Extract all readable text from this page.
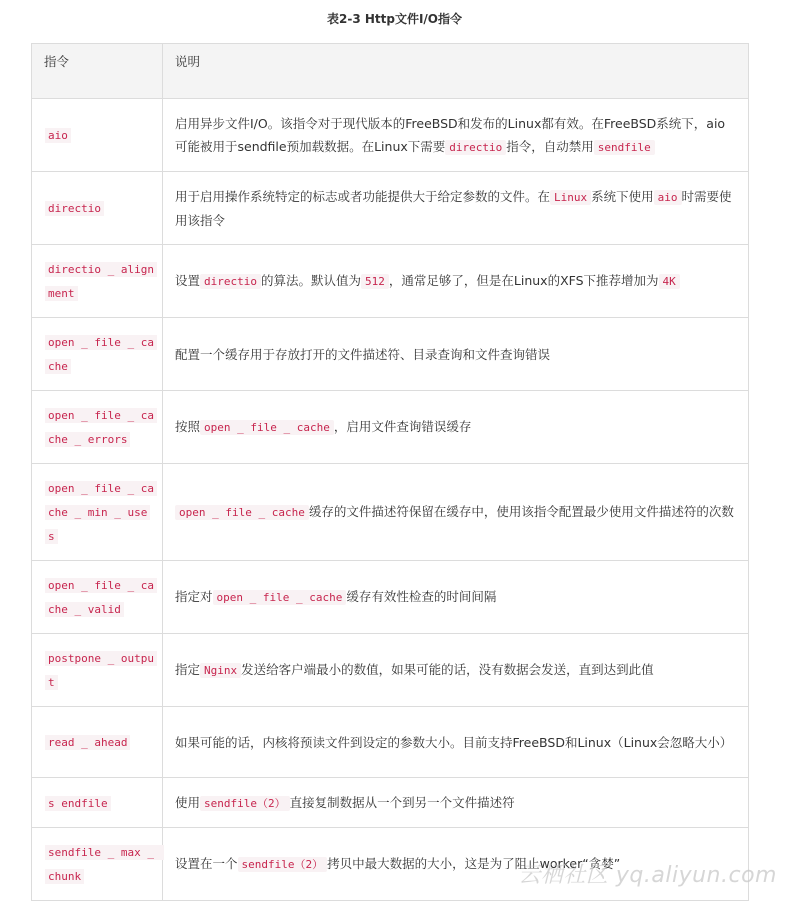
表2-3 Http文件I/O指令
指令	说明
aio	启用异步文件I/O。该指令对于现代版本的FreeBSD和发布的Linux都有效。在FreeBSD系统下，aio可能被用于sendfile预加载数据。在Linux下需要 directio 指令，自动禁用 sendfile
directio	用于启用操作系统特定的标志或者功能提供大于给定参数的文件。在 Linux 系统下使用 aio 时需要使用该指令
directio _ alignment	设置 directio 的算法。默认值为 512 ，通常足够了，但是在Linux的XFS下推荐增加为 4K
open _ file _ cache	配置一个缓存用于存放打开的文件描述符、目录查询和文件查询错误
open _ file _ cache _ errors	按照 open _ file _ cache ，启用文件查询错误缓存
open _ file _ cache _ min _ uses	open _ file _ cache 缓存的文件描述符保留在缓存中，使用该指令配置最少使用文件描述符的次数
open _ file _ cache _ valid	指定对 open _ file _ cache 缓存有效性检查的时间间隔
postpone _ output	指定 Nginx 发送给客户端最小的数值，如果可能的话，没有数据会发送，直到达到此值
read _ ahead	如果可能的话，内核将预读文件到设定的参数大小。目前支持FreeBSD和Linux（Linux会忽略大小）
s endfile	使用 sendfile（2） 直接复制数据从一个到另一个文件描述符
sendfile _ max _ chunk	设置在一个 sendfile（2） 拷贝中最大数据的大小，这是为了阻止worker“贪婪”
云栖社区 yq.aliyun.com
